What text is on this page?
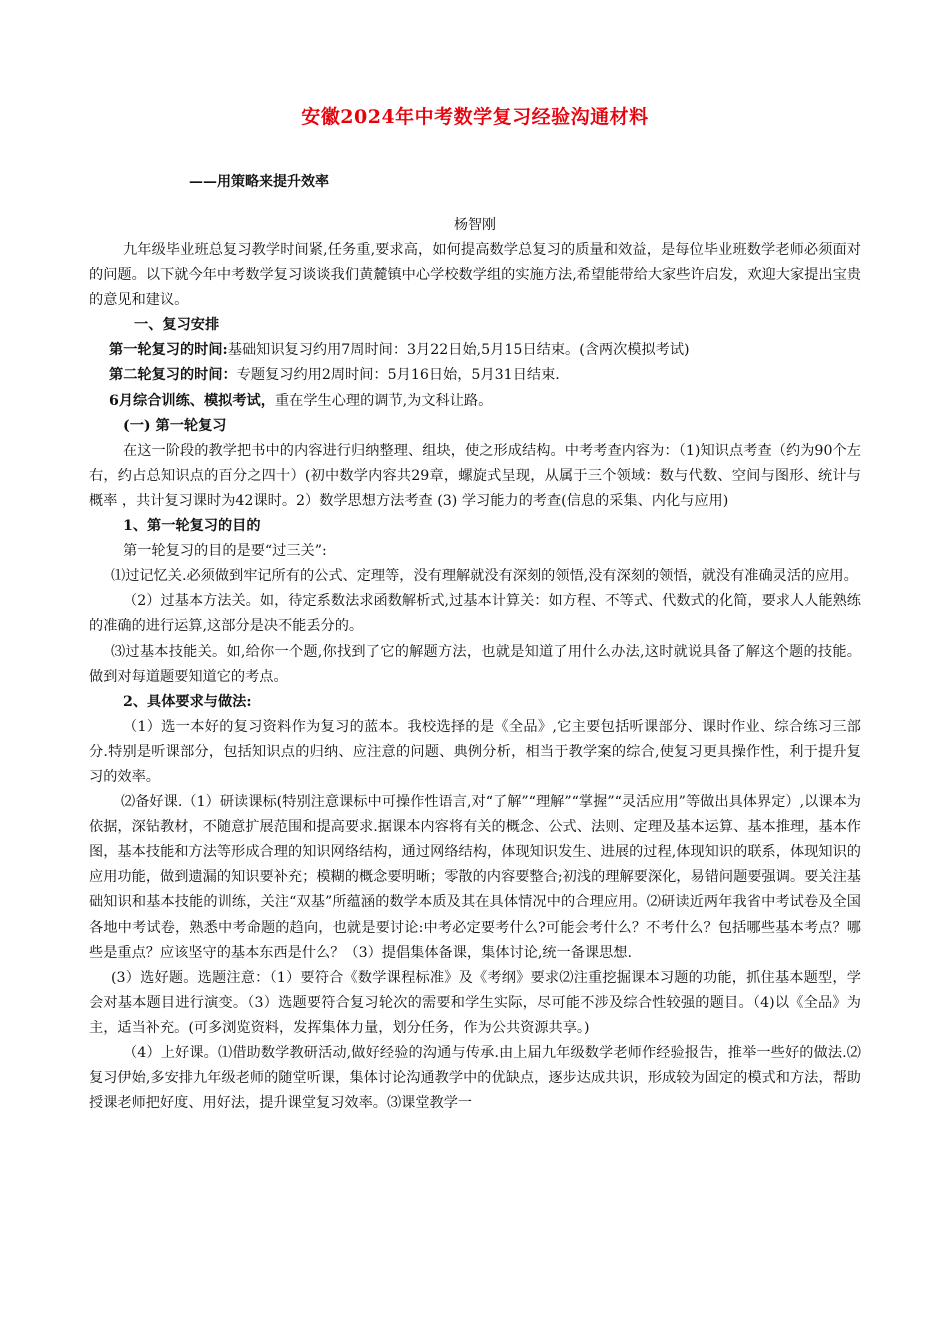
安徽2024年中考数学复习经验沟通材料
——用策略来提升效率
杨智刚

九年级毕业班总复习教学时间紧,任务重,要求高，如何提高数学总复习的质量和效益，是每位毕业班数学老师必须面对的问题。以下就今年中考数学复习谈谈我们黄麓镇中心学校数学组的实施方法,希望能带给大家些许启发，欢迎大家提出宝贵的意见和建议。

一、复习安排

第一轮复习的时间:基础知识复习约用7周时间：3月22日始,5月15日结束。(含两次模拟考试)

第二轮复习的时间：专题复习约用2周时间：5月16日始，5月31日结束.

6月综合训练、模拟考试，重在学生心理的调节,为文科让路。

(一) 第一轮复习

在这一阶段的教学把书中的内容进行归纳整理、组块，使之形成结构。中考考查内容为：（1)知识点考查（约为90个左右，约占总知识点的百分之四十）(初中数学内容共29章，螺旋式呈现，从属于三个领域：数与代数、空间与图形、统计与概率 ，共计复习课时为42课时。2）数学思想方法考查 (3) 学习能力的考查(信息的采集、内化与应用)

1、第一轮复习的目的

第一轮复习的目的是要“过三关”:

⑴过记忆关.必须做到牢记所有的公式、定理等，没有理解就没有深刻的领悟,没有深刻的领悟，就没有准确灵活的应用。

（2）过基本方法关。如，待定系数法求函数解析式,过基本计算关：如方程、不等式、代数式的化简，要求人人能熟练的准确的进行运算,这部分是决不能丢分的。

⑶过基本技能关。如,给你一个题,你找到了它的解题方法，也就是知道了用什么办法,这时就说具备了解这个题的技能。做到对每道题要知道它的考点。

2、具体要求与做法:

（1）选一本好的复习资料作为复习的蓝本。我校选择的是《全品》,它主要包括听课部分、课时作业、综合练习三部分.特别是听课部分，包括知识点的归纳、应注意的问题、典例分析，相当于教学案的综合,使复习更具操作性，利于提升复习的效率。

⑵备好课.（1）研读课标(特别注意课标中可操作性语言,对“了解”“理解”“掌握”“灵活应用”等做出具体界定）,以课本为依据，深钻教材，不随意扩展范围和提高要求.据课本内容将有关的概念、公式、法则、定理及基本运算、基本推理，基本作图，基本技能和方法等形成合理的知识网络结构，通过网络结构，体现知识发生、进展的过程,体现知识的联系，体现知识的应用功能，做到遗漏的知识要补充；模糊的概念要明晰；零散的内容要整合;初浅的理解要深化，易错问题要强调。要关注基础知识和基本技能的训练，关注“双基”所蕴涵的数学本质及其在具体情况中的合理应用。⑵研读近两年我省中考试卷及全国各地中考试卷，熟悉中考命题的趋向，也就是要讨论:中考必定要考什么?可能会考什么？不考什么？包括哪些基本考点？哪些是重点？应该坚守的基本东西是什么？（3）提倡集体备课，集体讨论,统一备课思想.

(3）选好题。选题注意：（1）要符合《数学课程标准》及《考纲》要求⑵注重挖掘课本习题的功能，抓住基本题型，学会对基本题目进行演变。（3）选题要符合复习轮次的需要和学生实际，尽可能不涉及综合性较强的题目。（4)以《全品》为主，适当补充。(可多浏览资料，发挥集体力量，划分任务，作为公共资源共享。)

（4）上好课。⑴借助数学教研活动,做好经验的沟通与传承.由上届九年级数学老师作经验报告，推举一些好的做法.⑵复习伊始,多安排九年级老师的随堂听课，集体讨论沟通教学中的优缺点，逐步达成共识，形成较为固定的模式和方法，帮助授课老师把好度、用好法，提升课堂复习效率。⑶课堂教学一
